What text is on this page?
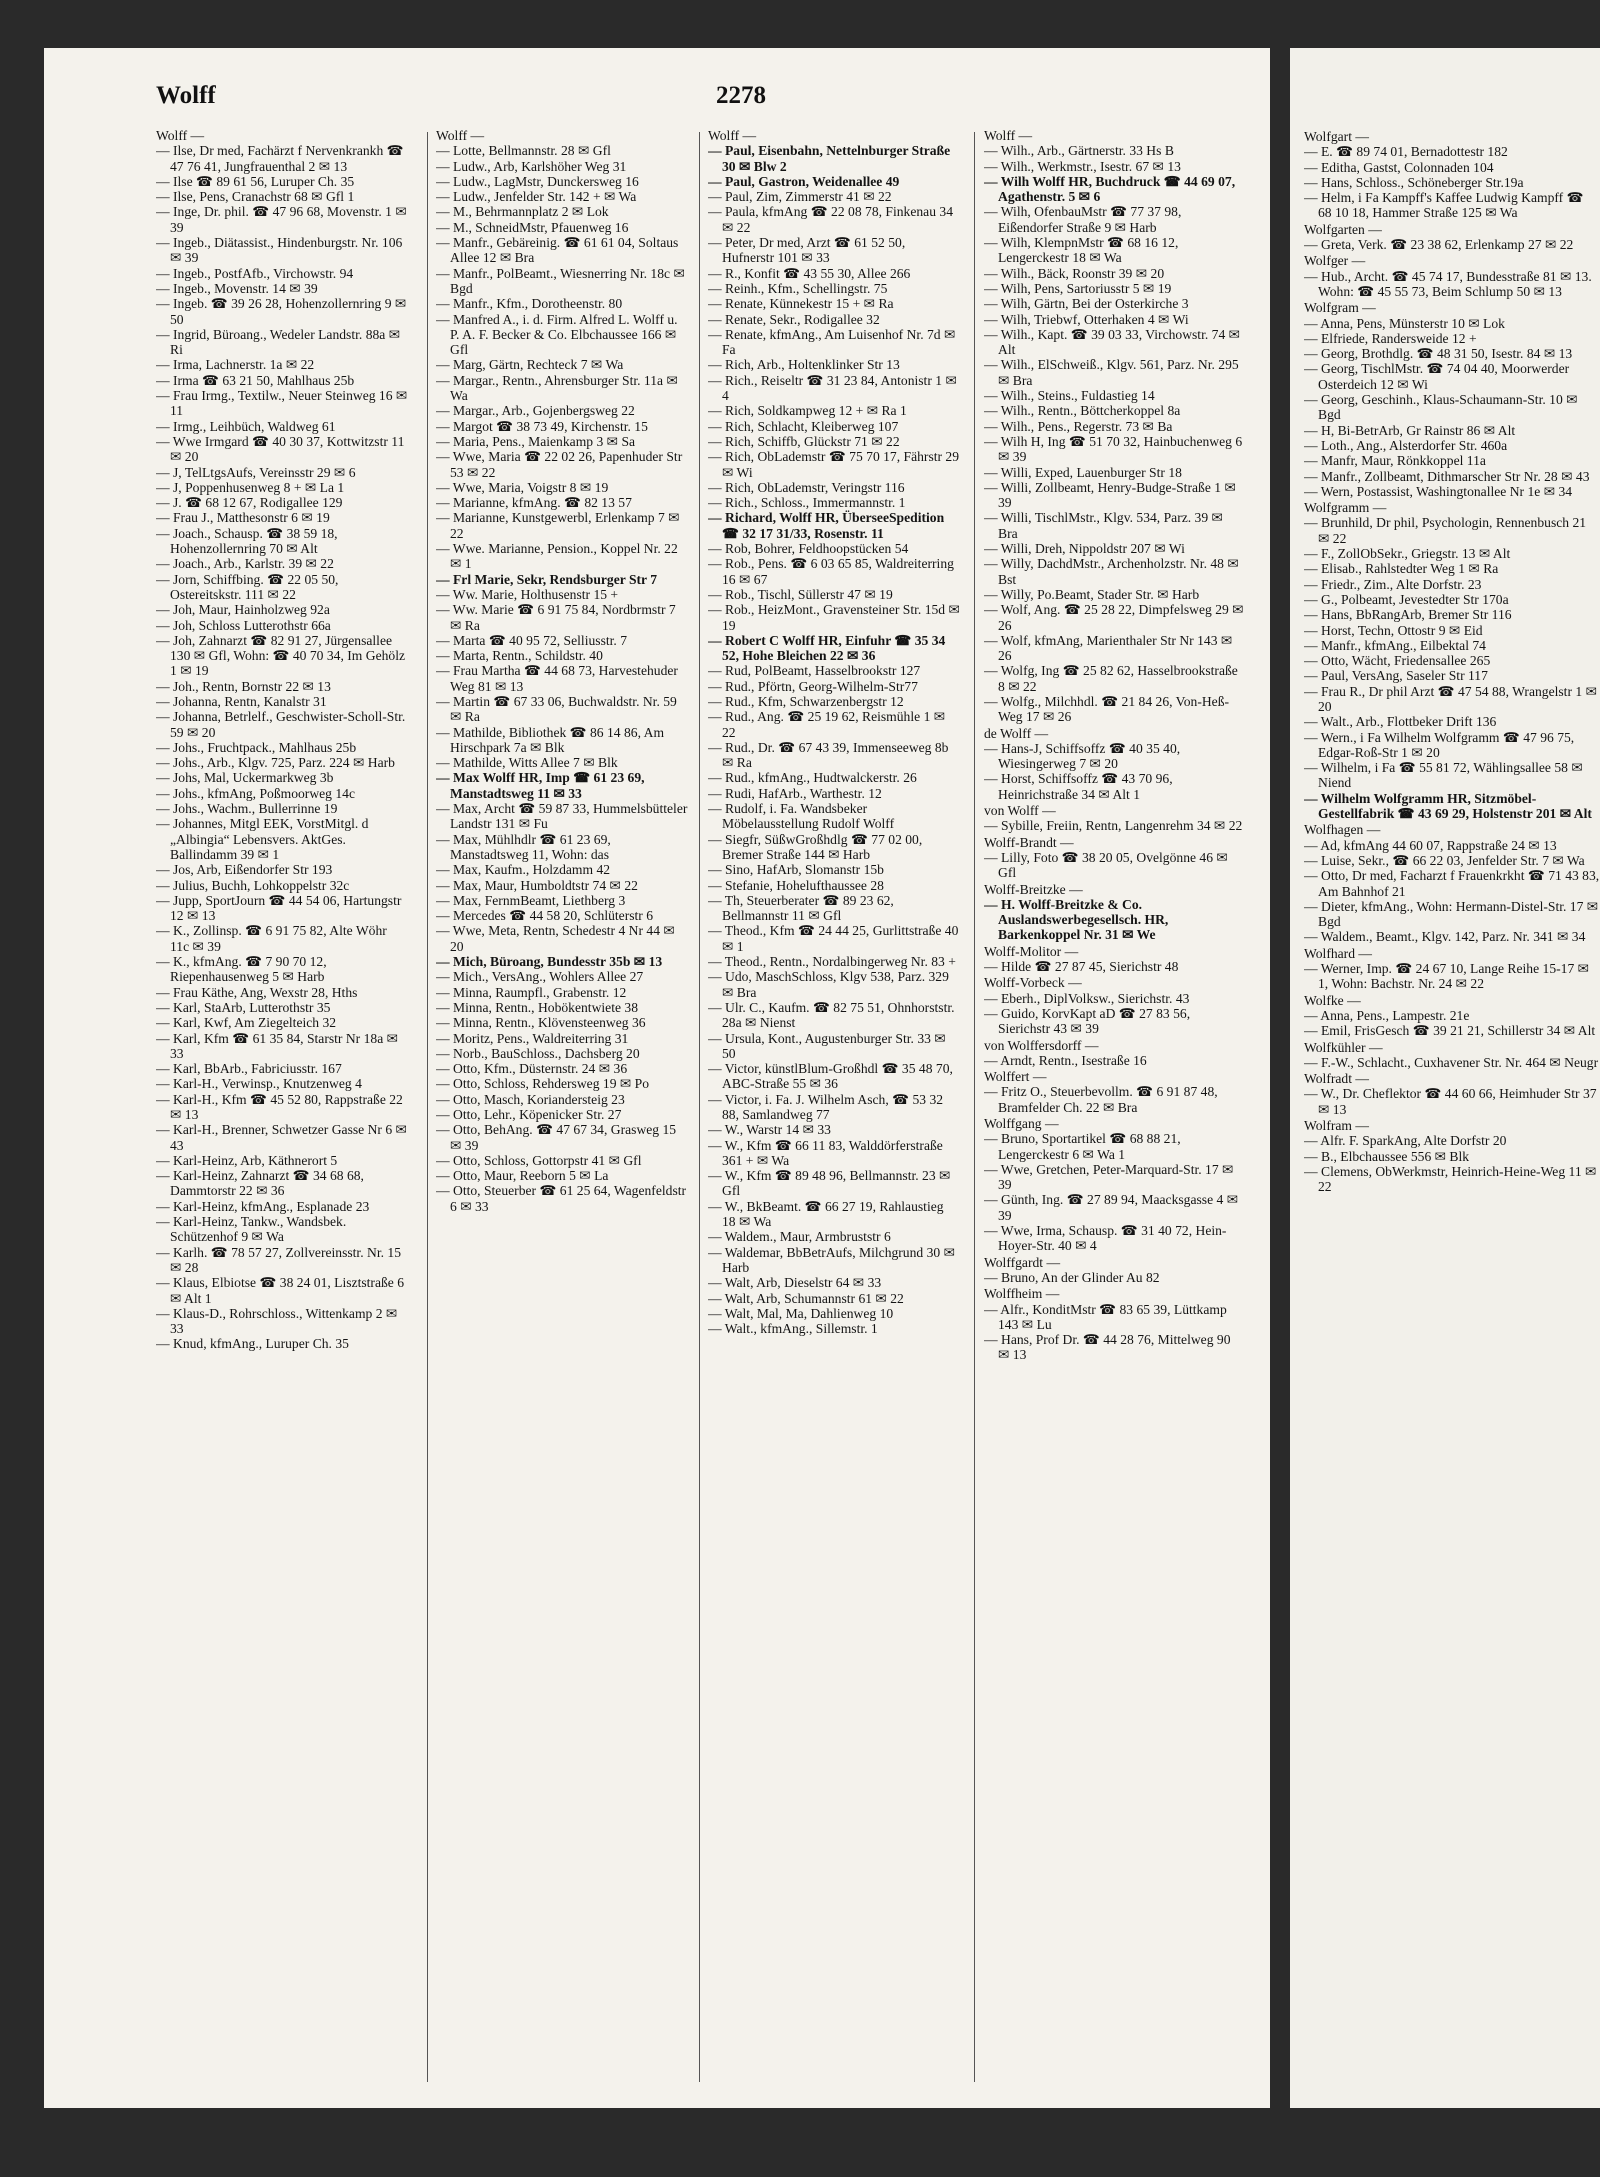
Wolff	2278
Wolff —

— Ilse, Dr med, Fachärzt f Nervenkrankh ☎ 47 76 41, Jungfrauenthal 2 ✉ 13

— Ilse ☎ 89 61 56, Luruper Ch. 35

— Ilse, Pens, Cranachstr 68 ✉ Gfl 1

— Inge, Dr. phil. ☎ 47 96 68, Movenstr. 1 ✉ 39

— Ingeb., Diätassist., Hindenburgstr. Nr. 106 ✉ 39

— Ingeb., PostfAfb., Virchowstr. 94

— Ingeb., Movenstr. 14 ✉ 39

— Ingeb. ☎ 39 26 28, Hohenzollernring 9 ✉ 50

— Ingrid, Büroang., Wedeler Landstr. 88a ✉ Ri

— Irma, Lachnerstr. 1a ✉ 22

— Irma ☎ 63 21 50, Mahlhaus 25b

— Frau Irmg., Textilw., Neuer Steinweg 16 ✉ 11

— Irmg., Leihbüch, Waldweg 61

— Wwe Irmgard ☎ 40 30 37, Kottwitzstr 11 ✉ 20

— J, TelLtgsAufs, Vereinsstr 29 ✉ 6

— J, Poppenhusenweg 8 + ✉ La 1

— J. ☎ 68 12 67, Rodigallee 129

— Frau J., Matthesonstr 6 ✉ 19

— Joach., Schausp. ☎ 38 59 18, Hohenzollernring 70 ✉ Alt

— Joach., Arb., Karlstr. 39 ✉ 22

— Jorn, Schiffbing. ☎ 22 05 50, Ostereitskstr. 111 ✉ 22

— Joh, Maur, Hainholzweg 92a

— Joh, Schloss Lutterothstr 66a

— Joh, Zahnarzt ☎ 82 91 27, Jürgensallee 130 ✉ Gfl, Wohn: ☎ 40 70 34, Im Gehölz 1 ✉ 19

— Joh., Rentn, Bornstr 22 ✉ 13

— Johanna, Rentn, Kanalstr 31

— Johanna, Betrlelf., Geschwister-Scholl-Str. 59 ✉ 20

— Johs., Fruchtpack., Mahlhaus 25b

— Johs., Arb., Klgv. 725, Parz. 224 ✉ Harb

— Johs, Mal, Uckermarkweg 3b

— Johs., kfmAng, Poßmoorweg 14c

— Johs., Wachm., Bullerrinne 19

— Johannes, Mitgl EEK, VorstMitgl. d „Albingia“ Lebensvers. AktGes. Ballindamm 39 ✉ 1

— Jos, Arb, Eißendorfer Str 193

— Julius, Buchh, Lohkoppelstr 32c

— Jupp, SportJourn ☎ 44 54 06, Hartungstr 12 ✉ 13

— K., Zollinsp. ☎ 6 91 75 82, Alte Wöhr 11c ✉ 39

— K., kfmAng. ☎ 7 90 70 12, Riepenhausenweg 5 ✉ Harb

— Frau Käthe, Ang, Wexstr 28, Hths

— Karl, StaArb, Lutterothstr 35

— Karl, Kwf, Am Ziegelteich 32

— Karl, Kfm ☎ 61 35 84, Starstr Nr 18a ✉ 33

— Karl, BbArb., Fabriciusstr. 167

— Karl-H., Verwinsp., Knutzenweg 4

— Karl-H., Kfm ☎ 45 52 80, Rappstraße 22 ✉ 13

— Karl-H., Brenner, Schwetzer Gasse Nr 6 ✉ 43

— Karl-Heinz, Arb, Käthnerort 5

— Karl-Heinz, Zahnarzt ☎ 34 68 68, Dammtorstr 22 ✉ 36

— Karl-Heinz, kfmAng., Esplanade 23

— Karl-Heinz, Tankw., Wandsbek. Schützenhof 9 ✉ Wa

— Karlh. ☎ 78 57 27, Zollvereinsstr. Nr. 15 ✉ 28

— Klaus, Elbiotse ☎ 38 24 01, Lisztstraße 6 ✉ Alt 1

— Klaus-D., Rohrschloss., Wittenkamp 2 ✉ 33

— Knud, kfmAng., Luruper Ch. 35

Wolff —

— Lotte, Bellmannstr. 28 ✉ Gfl

— Ludw., Arb, Karlshöher Weg 31

— Ludw., LagMstr, Dunckersweg 16

— Ludw., Jenfelder Str. 142 + ✉ Wa

— M., Behrmannplatz 2 ✉ Lok

— M., SchneidMstr, Pfauenweg 16

— Manfr., Gebäreinig. ☎ 61 61 04, Soltaus Allee 12 ✉ Bra

— Manfr., PolBeamt., Wiesnerring Nr. 18c ✉ Bgd

— Manfr., Kfm., Dorotheenstr. 80

— Manfred A., i. d. Firm. Alfred L. Wolff u. P. A. F. Becker & Co. Elbchaussee 166 ✉ Gfl

— Marg, Gärtn, Rechteck 7 ✉ Wa

— Margar., Rentn., Ahrensburger Str. 11a ✉ Wa

— Margar., Arb., Gojenbergsweg 22

— Margot ☎ 38 73 49, Kirchenstr. 15

— Maria, Pens., Maienkamp 3 ✉ Sa

— Wwe, Maria ☎ 22 02 26, Papenhuder Str 53 ✉ 22

— Wwe, Maria, Voigstr 8 ✉ 19

— Marianne, kfmAng. ☎ 82 13 57

— Marianne, Kunstgewerbl, Erlenkamp 7 ✉ 22

— Wwe. Marianne, Pension., Koppel Nr. 22 ✉ 1

— Frl Marie, Sekr, Rendsburger Str 7

— Ww. Marie, Holthusenstr 15 +

— Ww. Marie ☎ 6 91 75 84, Nordbrmstr 7 ✉ Ra

— Marta ☎ 40 95 72, Selliusstr. 7

— Marta, Rentn., Schildstr. 40

— Frau Martha ☎ 44 68 73, Harvestehuder Weg 81 ✉ 13

— Martin ☎ 67 33 06, Buchwaldstr. Nr. 59 ✉ Ra

— Mathilde, Bibliothek ☎ 86 14 86, Am Hirschpark 7a ✉ Blk

— Mathilde, Witts Allee 7 ✉ Blk

— Max Wolff HR, Imp ☎ 61 23 69, Manstadtsweg 11 ✉ 33

— Max, Archt ☎ 59 87 33, Hummelsbütteler Landstr 131 ✉ Fu

— Max, Mühlhdlr ☎ 61 23 69, Manstadtsweg 11, Wohn: das

— Max, Kaufm., Holzdamm 42

— Max, Maur, Humboldtstr 74 ✉ 22

— Max, FernmBeamt, Liethberg 3

— Mercedes ☎ 44 58 20, Schlüterstr 6

— Wwe, Meta, Rentn, Schedestr 4 Nr 44 ✉ 20

— Mich, Büroang, Bundesstr 35b ✉ 13

— Mich., VersAng., Wohlers Allee 27

— Minna, Raumpfl., Grabenstr. 12

— Minna, Rentn., Hobökentwiete 38

— Minna, Rentn., Klövensteenweg 36

— Moritz, Pens., Waldreiterring 31

— Norb., BauSchloss., Dachsberg 20

— Otto, Kfm., Düsternstr. 24 ✉ 36

— Otto, Schloss, Rehdersweg 19 ✉ Po

— Otto, Masch, Koriandersteig 23

— Otto, Lehr., Köpenicker Str. 27

— Otto, BehAng. ☎ 47 67 34, Grasweg 15 ✉ 39

— Otto, Schloss, Gottorpstr 41 ✉ Gfl

— Otto, Maur, Reeborn 5 ✉ La

— Otto, Steuerber ☎ 61 25 64, Wagenfeldstr 6 ✉ 33

Wolff —

— Paul, Eisenbahn, Nettelnburger Straße 30 ✉ Blw 2

— Paul, Gastron, Weidenallee 49

— Paul, Zim, Zimmerstr 41 ✉ 22

— Paula, kfmAng ☎ 22 08 78, Finkenau 34 ✉ 22

— Peter, Dr med, Arzt ☎ 61 52 50, Hufnerstr 101 ✉ 33

— R., Konfit ☎ 43 55 30, Allee 266

— Reinh., Kfm., Schellingstr. 75

— Renate, Künnekestr 15 + ✉ Ra

— Renate, Sekr., Rodigallee 32

— Renate, kfmAng., Am Luisenhof Nr. 7d ✉ Fa

— Rich, Arb., Holtenklinker Str 13

— Rich., Reiseltr ☎ 31 23 84, Antonistr 1 ✉ 4

— Rich, Soldkampweg 12 + ✉ Ra 1

— Rich, Schlacht, Kleiberweg 107

— Rich, Schiffb, Glückstr 71 ✉ 22

— Rich, ObLademstr ☎ 75 70 17, Fährstr 29 ✉ Wi

— Rich, ObLademstr, Veringstr 116

— Rich., Schloss., Immermannstr. 1

— Richard, Wolff HR, ÜberseeSpedition ☎ 32 17 31/33, Rosenstr. 11

— Rob, Bohrer, Feldhoopstücken 54

— Rob., Pens. ☎ 6 03 65 85, Waldreiterring 16 ✉ 67

— Rob., Tischl, Süllerstr 47 ✉ 19

— Rob., HeizMont., Gravensteiner Str. 15d ✉ 19

— Robert C Wolff HR, Einfuhr ☎ 35 34 52, Hohe Bleichen 22 ✉ 36

— Rud, PolBeamt, Hasselbrookstr 127

— Rud., Pförtn, Georg-Wilhelm-Str77

— Rud., Kfm, Schwarzenbergstr 12

— Rud., Ang. ☎ 25 19 62, Reismühle 1 ✉ 22

— Rud., Dr. ☎ 67 43 39, Immenseeweg 8b ✉ Ra

— Rud., kfmAng., Hudtwalckerstr. 26

— Rudi, HafArb., Warthestr. 12

— Rudolf, i. Fa. Wandsbeker Möbelausstellung Rudolf Wolff

— Siegfr, SüßwGroßhdlg ☎ 77 02 00, Bremer Straße 144 ✉ Harb

— Sino, HafArb, Slomanstr 15b

— Stefanie, Hohelufthaussee 28

— Th, Steuerberater ☎ 89 23 62, Bellmannstr 11 ✉ Gfl

— Theod., Kfm ☎ 24 44 25, Gurlittstraße 40 ✉ 1

— Theod., Rentn., Nordalbingerweg Nr. 83 +

— Udo, MaschSchloss, Klgv 538, Parz. 329 ✉ Bra

— Ulr. C., Kaufm. ☎ 82 75 51, Ohnhorststr. 28a ✉ Nienst

— Ursula, Kont., Augustenburger Str. 33 ✉ 50

— Victor, künstlBlum-Großhdl ☎ 35 48 70, ABC-Straße 55 ✉ 36

— Victor, i. Fa. J. Wilhelm Asch, ☎ 53 32 88, Samlandweg 77

— W., Warstr 14 ✉ 33

— W., Kfm ☎ 66 11 83, Walddörferstraße 361 + ✉ Wa

— W., Kfm ☎ 89 48 96, Bellmannstr. 23 ✉ Gfl

— W., BkBeamt. ☎ 66 27 19, Rahlaustieg 18 ✉ Wa

— Waldem., Maur, Armbruststr 6

— Waldemar, BbBetrAufs, Milchgrund 30 ✉ Harb

— Walt, Arb, Dieselstr 64 ✉ 33

— Walt, Arb, Schumannstr 61 ✉ 22

— Walt, Mal, Ma, Dahlienweg 10

— Walt., kfmAng., Sillemstr. 1

Wolff —

— Wilh., Arb., Gärtnerstr. 33 Hs B

— Wilh., Werkmstr., Isestr. 67 ✉ 13

— Wilh Wolff HR, Buchdruck ☎ 44 69 07, Agathenstr. 5 ✉ 6

— Wilh, OfenbauMstr ☎ 77 37 98, Eißendorfer Straße 9 ✉ Harb

— Wilh, KlempnMstr ☎ 68 16 12, Lengerckestr 18 ✉ Wa

— Wilh., Bäck, Roonstr 39 ✉ 20

— Wilh, Pens, Sartoriusstr 5 ✉ 19

— Wilh, Gärtn, Bei der Osterkirche 3

— Wilh, Triebwf, Otterhaken 4 ✉ Wi

— Wilh., Kapt. ☎ 39 03 33, Virchowstr. 74 ✉ Alt

— Wilh., ElSchweiß., Klgv. 561, Parz. Nr. 295 ✉ Bra

— Wilh., Steins., Fuldastieg 14

— Wilh., Rentn., Böttcherkoppel 8a

— Wilh., Pens., Regerstr. 73 ✉ Ba

— Wilh H, Ing ☎ 51 70 32, Hainbuchenweg 6 ✉ 39

— Willi, Exped, Lauenburger Str 18

— Willi, Zollbeamt, Henry-Budge-Straße 1 ✉ 39

— Willi, TischlMstr., Klgv. 534, Parz. 39 ✉ Bra

— Willi, Dreh, Nippoldstr 207 ✉ Wi

— Willy, DachdMstr., Archenholzstr. Nr. 48 ✉ Bst

— Willy, Po.Beamt, Stader Str. ✉ Harb

— Wolf, Ang. ☎ 25 28 22, Dimpfelsweg 29 ✉ 26

— Wolf, kfmAng, Marienthaler Str Nr 143 ✉ 26

— Wolfg, Ing ☎ 25 82 62, Hasselbrookstraße 8 ✉ 22

— Wolfg., Milchhdl. ☎ 21 84 26, Von-Heß-Weg 17 ✉ 26

de Wolff —

— Hans-J, Schiffsoffz ☎ 40 35 40, Wiesingerweg 7 ✉ 20

— Horst, Schiffsoffz ☎ 43 70 96, Heinrichstraße 34 ✉ Alt 1

von Wolff —

— Sybille, Freiin, Rentn, Langenrehm 34 ✉ 22

Wolff-Brandt —

— Lilly, Foto ☎ 38 20 05, Ovelgönne 46 ✉ Gfl

Wolff-Breitzke —

— H. Wolff-Breitzke & Co. Auslandswerbegesellsch. HR, Barkenkoppel Nr. 31 ✉ We

Wolff-Molitor —

— Hilde ☎ 27 87 45, Sierichstr 48

Wolff-Vorbeck —

— Eberh., DiplVolksw., Sierichstr. 43

— Guido, KorvKapt aD ☎ 27 83 56, Sierichstr 43 ✉ 39

von Wolffersdorff —

— Arndt, Rentn., Isestraße 16

Wolffert —

— Fritz O., Steuerbevollm. ☎ 6 91 87 48, Bramfelder Ch. 22 ✉ Bra

Wolffgang —

— Bruno, Sportartikel ☎ 68 88 21, Lengerckestr 6 ✉ Wa 1

— Wwe, Gretchen, Peter-Marquard-Str. 17 ✉ 39

— Günth, Ing. ☎ 27 89 94, Maacksgasse 4 ✉ 39

— Wwe, Irma, Schausp. ☎ 31 40 72, Hein-Hoyer-Str. 40 ✉ 4

Wolffgardt —

— Bruno, An der Glinder Au 82

Wolffheim —

— Alfr., KonditMstr ☎ 83 65 39, Lüttkamp 143 ✉ Lu

— Hans, Prof Dr. ☎ 44 28 76, Mittelweg 90 ✉ 13

Wolfgart —

— E. ☎ 89 74 01, Bernadottestr 182

— Editha, Gastst, Colonnaden 104

— Hans, Schloss., Schöneberger Str.19a

— Helm, i Fa Kampff's Kaffee Ludwig Kampff ☎ 68 10 18, Hammer Straße 125 ✉ Wa

Wolfgarten —

— Greta, Verk. ☎ 23 38 62, Erlenkamp 27 ✉ 22

Wolfger —

— Hub., Archt. ☎ 45 74 17, Bundesstraße 81 ✉ 13. Wohn: ☎ 45 55 73, Beim Schlump 50 ✉ 13

Wolfgram —

— Anna, Pens, Münsterstr 10 ✉ Lok

— Elfriede, Randersweide 12 +

— Georg, Brothdlg. ☎ 48 31 50, Isestr. 84 ✉ 13

— Georg, TischlMstr. ☎ 74 04 40, Moorwerder Osterdeich 12 ✉ Wi

— Georg, Geschinh., Klaus-Schaumann-Str. 10 ✉ Bgd

— H, Bi-BetrArb, Gr Rainstr 86 ✉ Alt

— Loth., Ang., Alsterdorfer Str. 460a

— Manfr, Maur, Rönkkoppel 11a

— Manfr., Zollbeamt, Dithmarscher Str Nr. 28 ✉ 43

— Wern, Postassist, Washingtonallee Nr 1e ✉ 34

Wolfgramm —

— Brunhild, Dr phil, Psychologin, Rennenbusch 21 ✉ 22

— F., ZollObSekr., Griegstr. 13 ✉ Alt

— Elisab., Rahlstedter Weg 1 ✉ Ra

— Friedr., Zim., Alte Dorfstr. 23

— G., Polbeamt, Jevestedter Str 170a

— Hans, BbRangArb, Bremer Str 116

— Horst, Techn, Ottostr 9 ✉ Eid

— Manfr., kfmAng., Eilbektal 74

— Otto, Wächt, Friedensallee 265

— Paul, VersAng, Saseler Str 117

— Frau R., Dr phil Arzt ☎ 47 54 88, Wrangelstr 1 ✉ 20

— Walt., Arb., Flottbeker Drift 136

— Wern., i Fa Wilhelm Wolfgramm ☎ 47 96 75, Edgar-Roß-Str 1 ✉ 20

— Wilhelm, i Fa ☎ 55 81 72, Wählingsallee 58 ✉ Niend

— Wilhelm Wolfgramm HR, Sitzmöbel-Gestellfabrik ☎ 43 69 29, Holstenstr 201 ✉ Alt

Wolfhagen —

— Ad, kfmAng 44 60 07, Rappstraße 24 ✉ 13

— Luise, Sekr., ☎ 66 22 03, Jenfelder Str. 7 ✉ Wa

— Otto, Dr med, Facharzt f Frauenkrkht ☎ 71 43 83, Am Bahnhof 21

— Dieter, kfmAng., Wohn: Hermann-Distel-Str. 17 ✉ Bgd

— Waldem., Beamt., Klgv. 142, Parz. Nr. 341 ✉ 34

Wolfhard —

— Werner, Imp. ☎ 24 67 10, Lange Reihe 15-17 ✉ 1, Wohn: Bachstr. Nr. 24 ✉ 22

Wolfke —

— Anna, Pens., Lampestr. 21e

— Emil, FrisGesch ☎ 39 21 21, Schillerstr 34 ✉ Alt

Wolfkühler —

— F.-W., Schlacht., Cuxhavener Str. Nr. 464 ✉ Neugr

Wolfradt —

— W., Dr. Cheflektor ☎ 44 60 66, Heimhuder Str 37 ✉ 13

Wolfram —

— Alfr. F. SparkAng, Alte Dorfstr 20

— B., Elbchaussee 556 ✉ Blk

— Clemens, ObWerkmstr, Heinrich-Heine-Weg 11 ✉ 22
